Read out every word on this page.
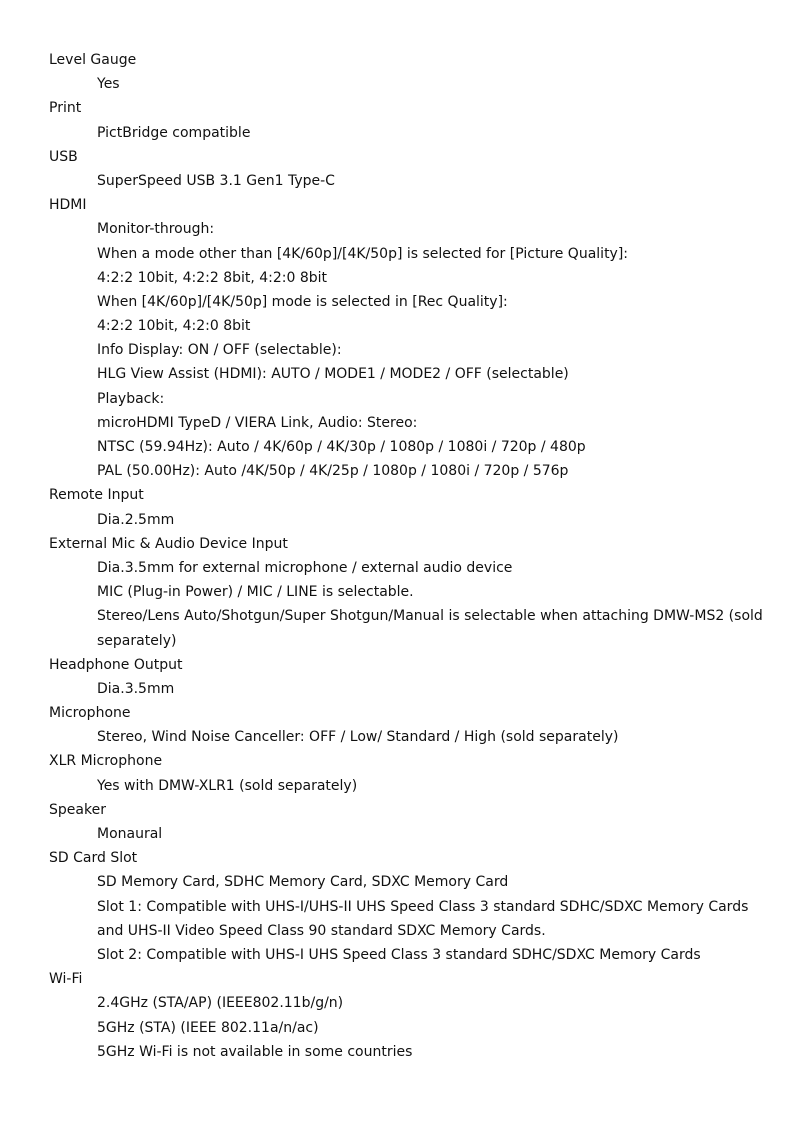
Level Gauge
Yes
Print
PictBridge compatible
USB
SuperSpeed USB 3.1 Gen1 Type-C
HDMI
Monitor-through:
When a mode other than [4K/60p]/[4K/50p] is selected for [Picture Quality]:
4:2:2 10bit, 4:2:2 8bit, 4:2:0 8bit
When [4K/60p]/[4K/50p] mode is selected in [Rec Quality]:
4:2:2 10bit, 4:2:0 8bit
Info Display: ON / OFF (selectable):
HLG View Assist (HDMI): AUTO / MODE1 / MODE2 / OFF (selectable)
Playback:
microHDMI TypeD / VIERA Link, Audio: Stereo:
NTSC (59.94Hz): Auto / 4K/60p / 4K/30p / 1080p / 1080i / 720p / 480p
PAL (50.00Hz): Auto /4K/50p / 4K/25p / 1080p / 1080i / 720p / 576p
Remote Input
Dia.2.5mm
External Mic & Audio Device Input
Dia.3.5mm for external microphone / external audio device
MIC (Plug-in Power) / MIC / LINE is selectable.
Stereo/Lens Auto/Shotgun/Super Shotgun/Manual is selectable when attaching DMW-MS2 (sold
separately)
Headphone Output
Dia.3.5mm
Microphone
Stereo, Wind Noise Canceller: OFF / Low/ Standard / High (sold separately)
XLR Microphone
Yes with DMW-XLR1 (sold separately)
Speaker
Monaural
SD Card Slot
SD Memory Card, SDHC Memory Card, SDXC Memory Card
Slot 1: Compatible with UHS-I/UHS-II UHS Speed Class 3 standard SDHC/SDXC Memory Cards
and UHS-II Video Speed Class 90 standard SDXC Memory Cards.
Slot 2: Compatible with UHS-I UHS Speed Class 3 standard SDHC/SDXC Memory Cards
Wi-Fi
2.4GHz (STA/AP) (IEEE802.11b/g/n)
5GHz (STA) (IEEE 802.11a/n/ac)
5GHz Wi-Fi is not available in some countries
